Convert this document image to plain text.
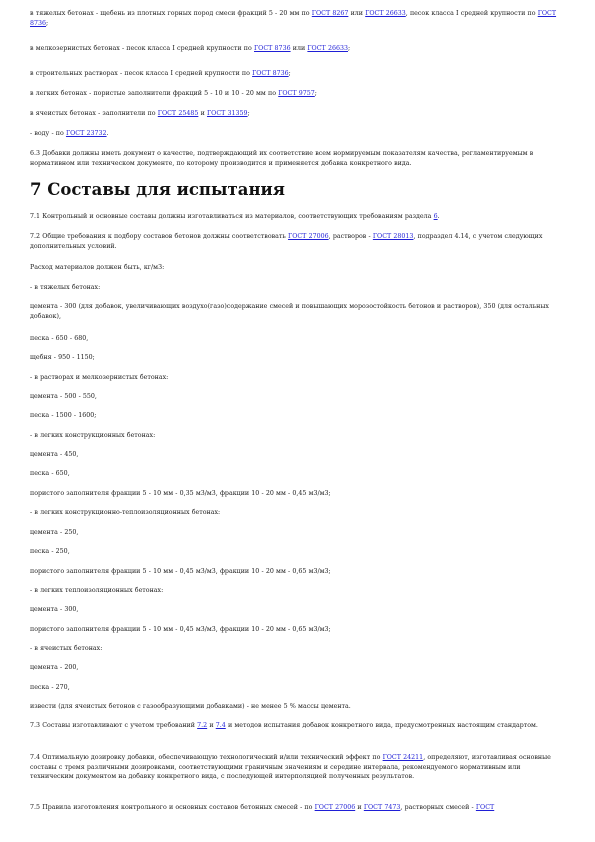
7 Составы для испытания
в тяжелых бетонах - щебень из плотных горных пород смеси фракций 5 - 20 мм по ГОСТ 8267 или ГОСТ 26633, песок класса I средней крупности по ГОСТ 8736;
в мелкозернистых бетонах - песок класса I средней крупности по ГОСТ 8736 или ГОСТ 26633;
в строительных растворах - песок класса I средней крупности по ГОСТ 8736;
в легких бетонах - пористые заполнители фракций 5 - 10 и 10 - 20 мм по ГОСТ 9757;
в ячеистых бетонах - заполнители по ГОСТ 25485 и ГОСТ 31359;
- воду - по ГОСТ 23732.
6.3 Добавки должны иметь документ о качестве, подтверждающий их соответствие всем нормируемым показателям качества, регламентируемым в нормативном или техническом документе, по которому производится и применяется добавка конкретного вида.
7.1 Контрольный и основные составы должны изготавливаться из материалов, соответствующих требованиям раздела 6.
7.2 Общие требования к подбору составов бетонов должны соответствовать ГОСТ 27006, растворов - ГОСТ 28013, подраздел 4.14, с учетом следующих дополнительных условий.
Расход материалов должен быть, кг/м3:
- в тяжелых бетонах:
цемента - 300 (для добавок, увеличивающих воздухо(газо)содержание смесей и повышающих морозостойкость бетонов и растворов), 350 (для остальных добавок),
песка - 650 - 680,
щебня - 950 - 1150;
- в растворах и мелкозернистых бетонах:
цемента - 500 - 550,
песка - 1500 - 1600;
- в легких конструкционных бетонах:
цемента - 450,
песка - 650,
пористого заполнителя фракции 5 - 10 мм - 0,35 м3/м3, фракции 10 - 20 мм - 0,45 м3/м3;
- в легких конструкционно-теплоизоляционных бетонах:
цемента - 250,
песка - 250,
пористого заполнителя фракции 5 - 10 мм - 0,45 м3/м3, фракции 10 - 20 мм - 0,65 м3/м3;
- в легких теплоизоляционных бетонах:
цемента - 300,
пористого заполнителя фракции 5 - 10 мм - 0,45 м3/м3, фракции 10 - 20 мм - 0,65 м3/м3;
- в ячеистых бетонах:
цемента - 200,
песка - 270,
извести (для ячеистых бетонов с газообразующими добавками) - не менее 5 % массы цемента.
7.3 Составы изготавливают с учетом требований 7.2 и 7.4 и методов испытания добавок конкретного вида, предусмотренных настоящим стандартом.
7.4 Оптимальную дозировку добавки, обеспечивающую технологический и/или технический эффект по ГОСТ 24211, определяют, изготавливая основные составы с тремя различными дозировками, соответствующими граничным значениям и середине интервала, рекомендуемого нормативным или техническим документом на добавку конкретного вида, с последующей интерполяцией полученных результатов.
7.5 Правила изготовления контрольного и основных составов бетонных смесей - по ГОСТ 27006 и ГОСТ 7473, растворных смесей - ГОСТ
